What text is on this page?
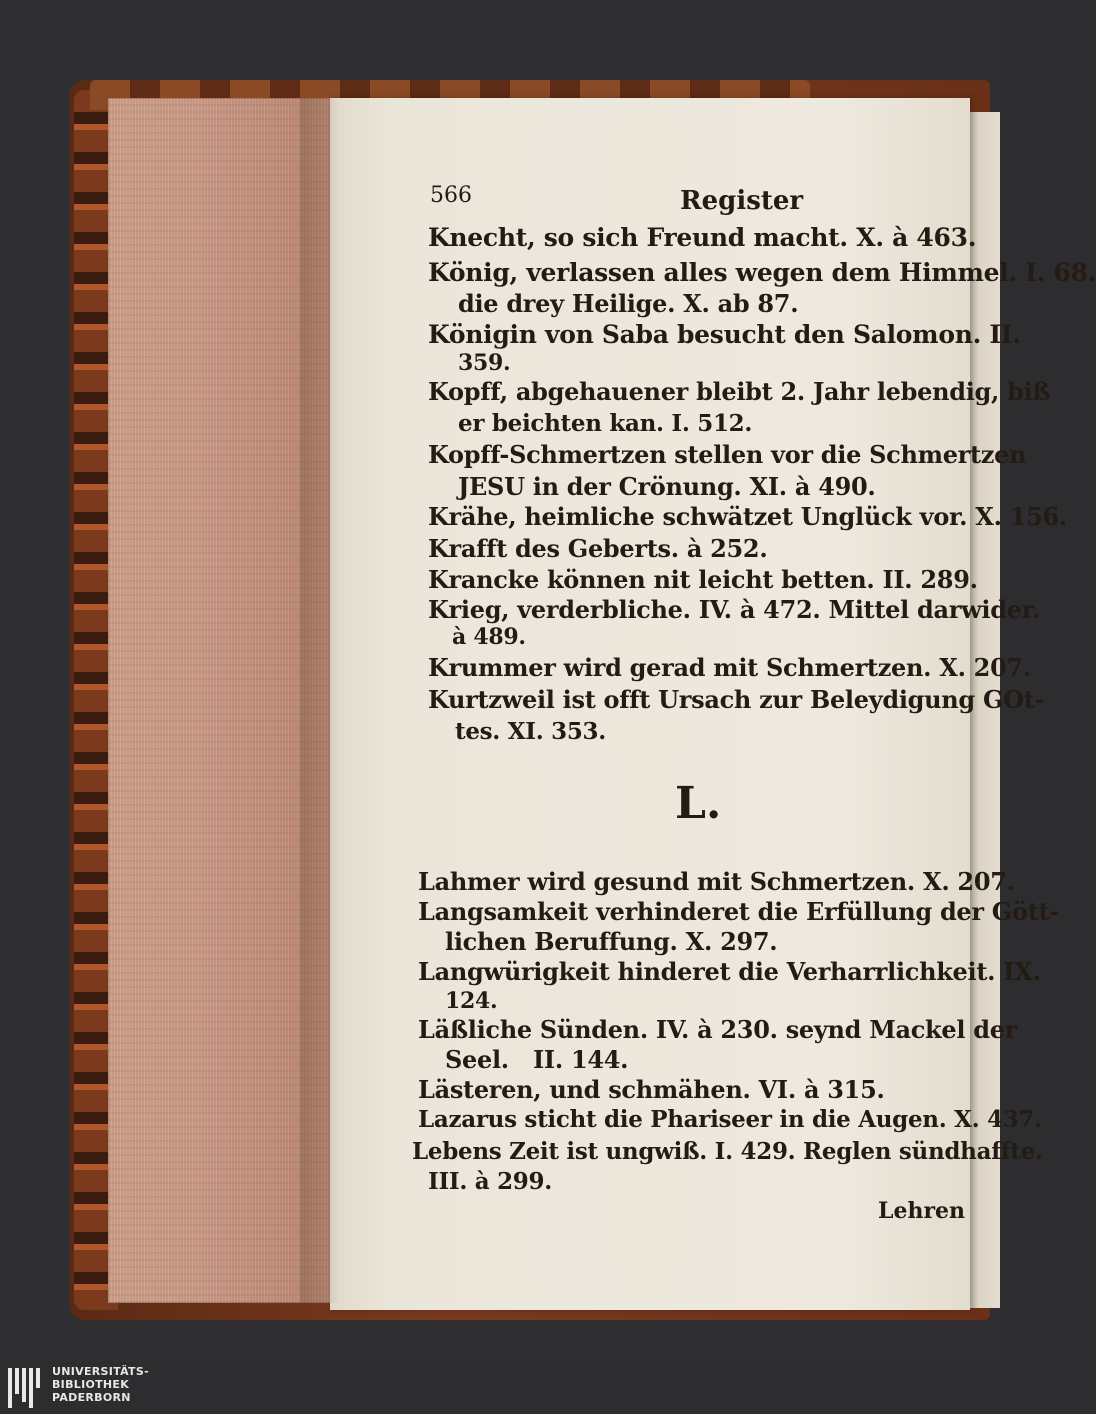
566	Register
Knecht, so sich Freund macht. X. à 463.
König, verlassen alles wegen dem Himmel. I. 68.
die drey Heilige. X. ab 87.
Königin von Saba besucht den Salomon. II.
359.
Kopff, abgehauener bleibt 2. Jahr lebendig, biß
er beichten kan. I. 512.
Kopff-Schmertzen stellen vor die Schmertzen
JESU in der Crönung. XI. à 490.
Krähe, heimliche schwätzet Unglück vor. X. 156.
Krafft des Geberts. à 252.
Krancke können nit leicht betten. II. 289.
Krieg, verderbliche. IV. à 472. Mittel darwider.
à 489.
Krummer wird gerad mit Schmertzen. X. 207.
Kurtzweil ist offt Ursach zur Beleydigung GOt-
tes. XI. 353.
L.
Lahmer wird gesund mit Schmertzen. X. 207.
Langsamkeit verhinderet die Erfüllung der Gött-
lichen Beruffung. X. 297.
Langwürigkeit hinderet die Verharrlichkeit. IX.
124.
Läßliche Sünden. IV. à 230. seynd Mackel der
Seel.   II. 144.
Lästeren, und schmähen. VI. à 315.
Lazarus sticht die Phariseer in die Augen. X. 437.
Lebens Zeit ist ungwiß. I. 429. Reglen sündhaffte.
III. à 299.
Lehren
UNIVERSITÄTS-
BIBLIOTHEK
PADERBORN
